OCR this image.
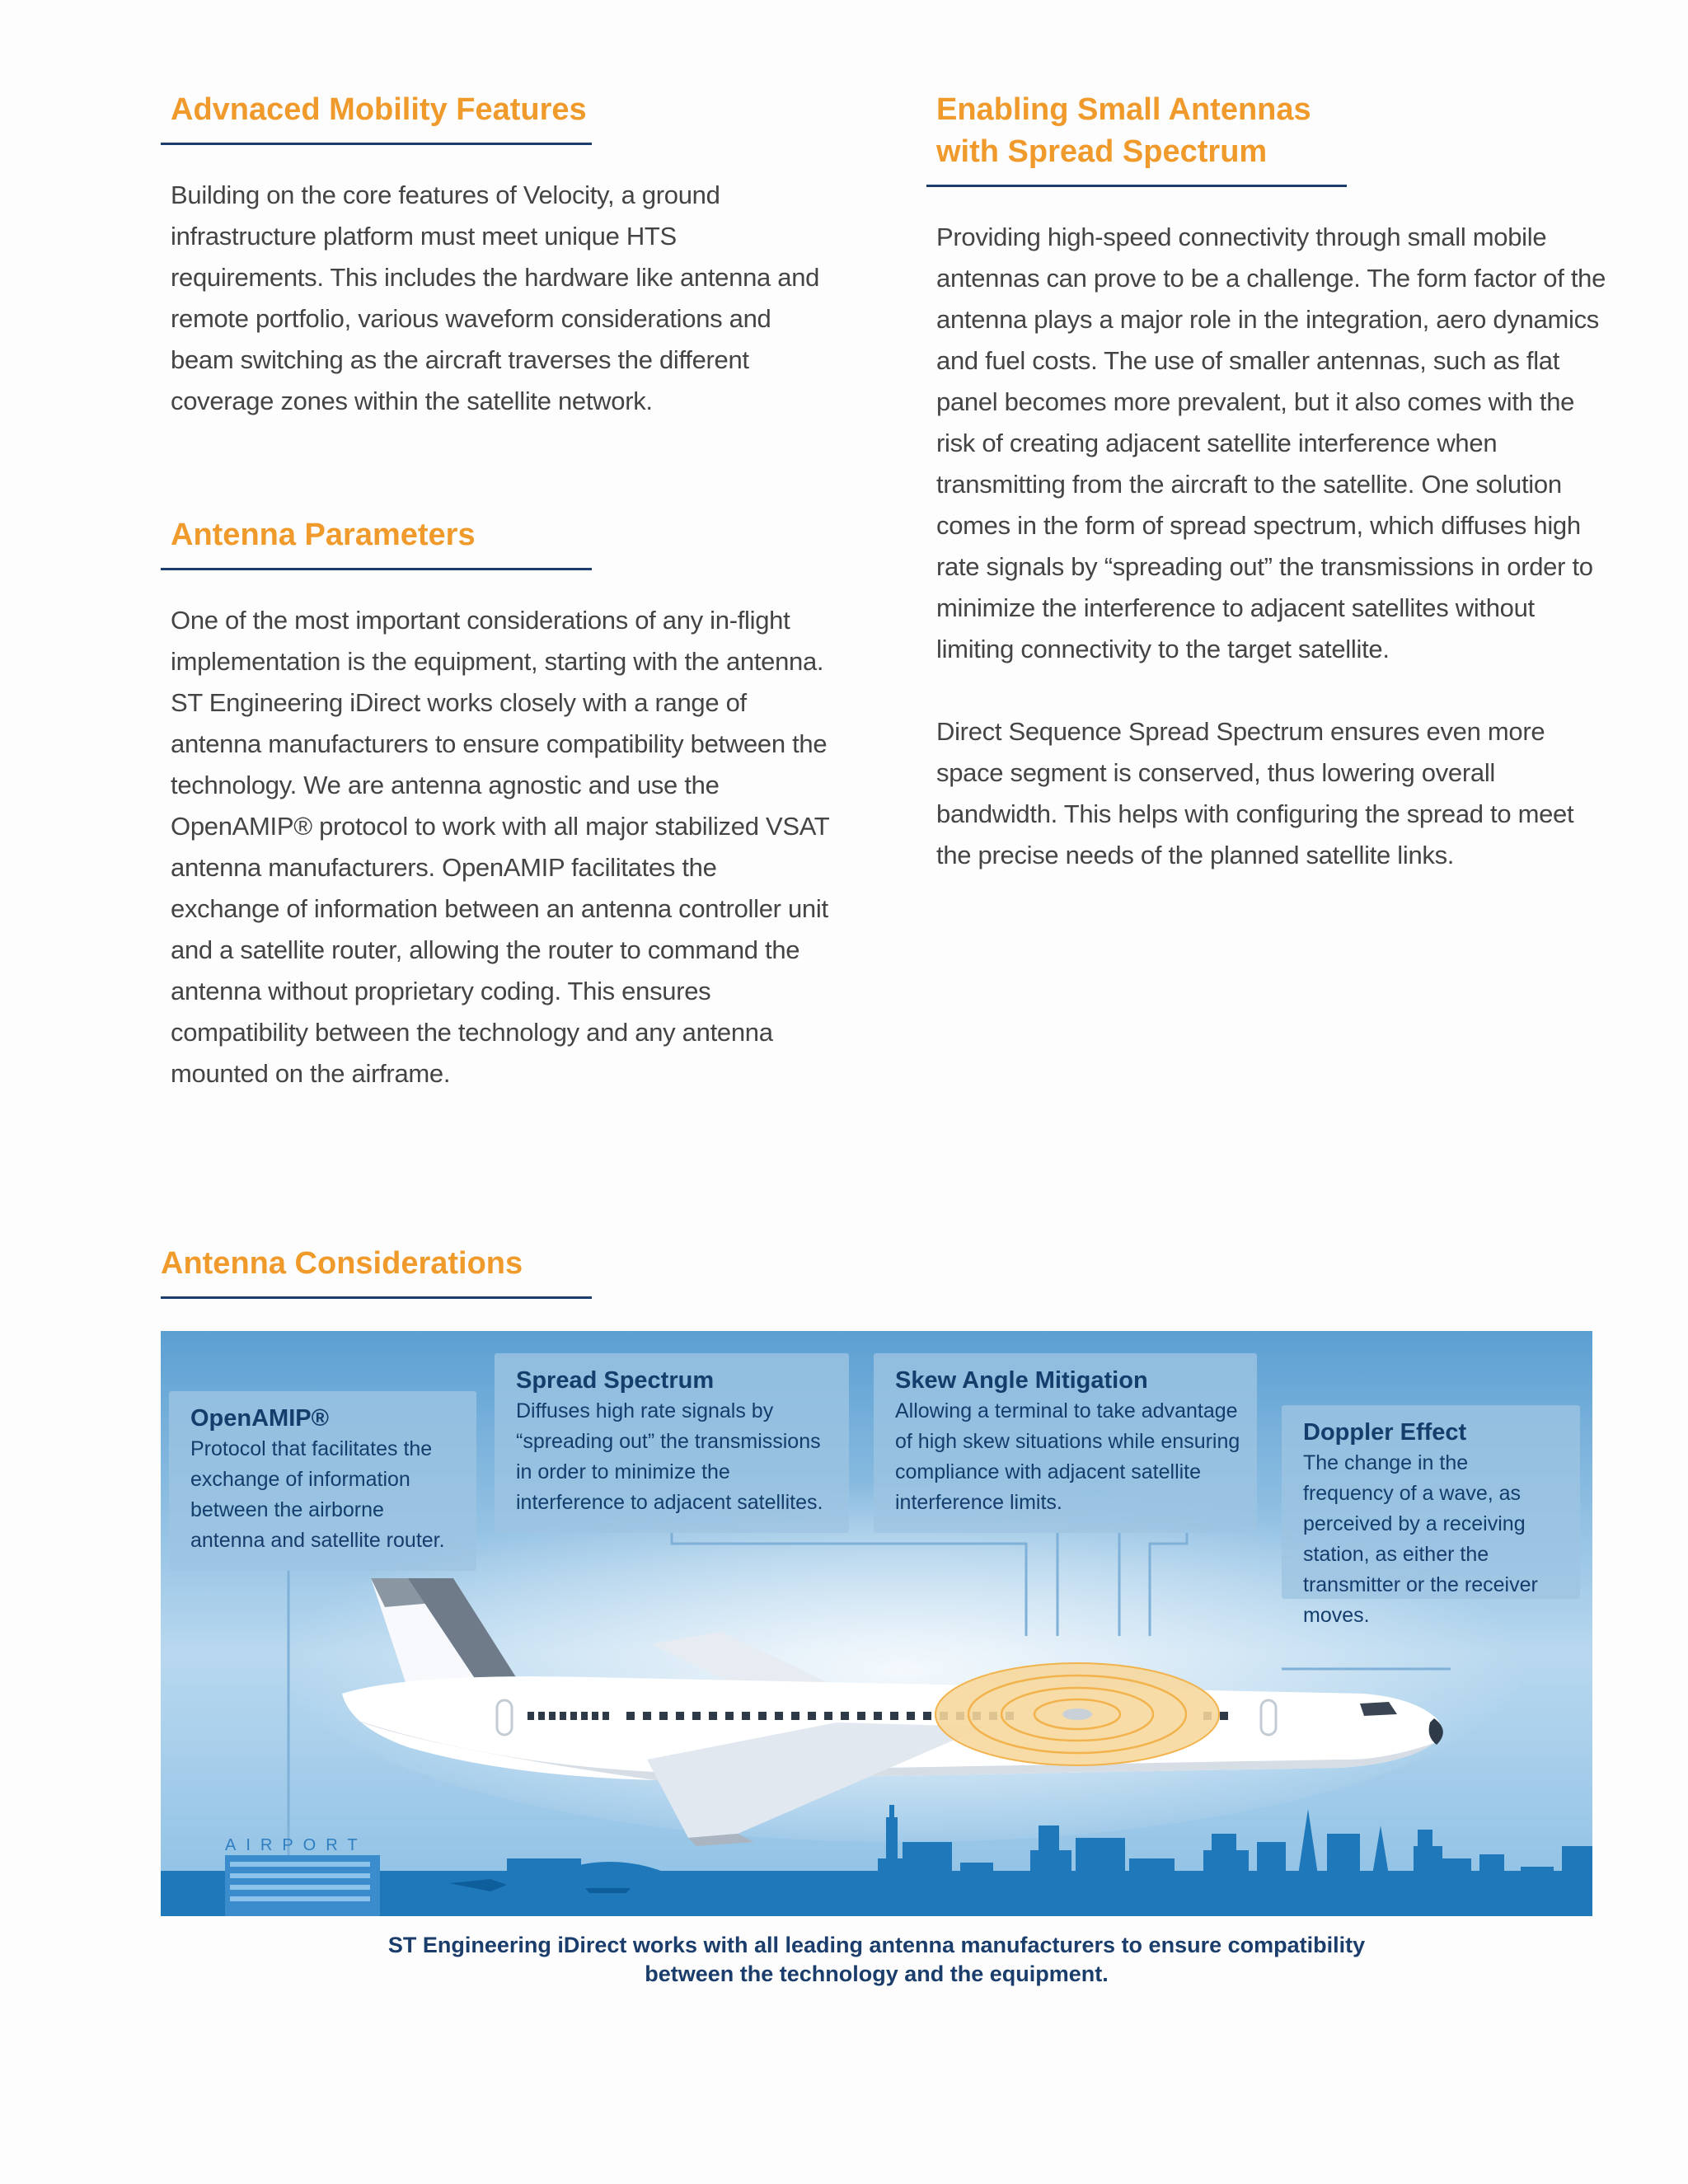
Advnaced Mobility Features

Building on the core features of Velocity, a ground infrastructure platform must meet unique HTS requirements. This includes the hardware like antenna and remote portfolio, various waveform considerations and beam switching as the aircraft traverses the different coverage zones within the satellite network.

Antenna Parameters

One of the most important considerations of any in-flight implementation is the equipment, starting with the antenna. ST Engineering iDirect works closely with a range of antenna manufacturers to ensure compatibility between the technology. We are antenna agnostic and use the OpenAMIP® protocol to work with all major stabilized VSAT antenna manufacturers. OpenAMIP facilitates the exchange of information between an antenna controller unit and a satellite router, allowing the router to command the antenna without proprietary coding. This ensures compatibility between the technology and any antenna mounted on the airframe.

Enabling Small Antennas
with Spread Spectrum

Providing high-speed connectivity through small mobile antennas can prove to be a challenge. The form factor of the antenna plays a major role in the integration, aero dynamics and fuel costs. The use of smaller antennas, such as flat panel becomes more prevalent, but it also comes with the risk of creating adjacent satellite interference when transmitting from the aircraft to the satellite. One solution comes in the form of spread spectrum, which diffuses high rate signals by “spreading out” the transmissions in order to minimize the interference to adjacent satellites without limiting connectivity to the target satellite.

Direct Sequence Spread Spectrum ensures even more space segment is conserved, thus lowering overall bandwidth. This helps with configuring the spread to meet the precise needs of the planned satellite links.

Antenna Considerations
AIRPORT
OpenAMIP®
Protocol that facilitates the exchange of information between the airborne antenna and satellite router.
Spread Spectrum
Diffuses high rate signals by “spreading out” the transmissions in order to minimize the interference to adjacent satellites.
Skew Angle Mitigation
Allowing a terminal to take advantage of high skew situations while ensuring compliance with adjacent satellite interference limits.
Doppler Effect
The change in the frequency of a wave, as perceived by a receiving station, as either the transmitter or the receiver moves.
ST Engineering iDirect works with all leading antenna manufacturers to ensure compatibility
between the technology and the equipment.
